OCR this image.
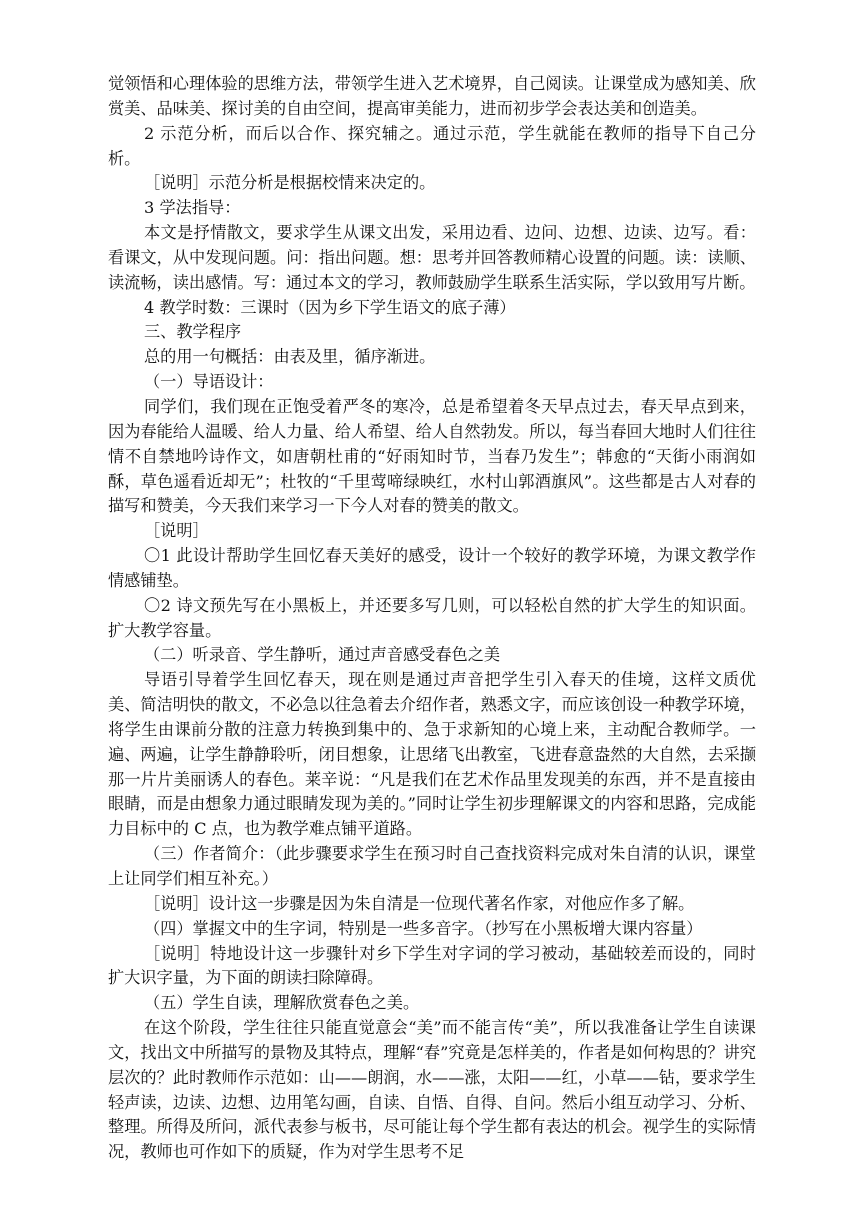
觉领悟和心理体验的思维方法，带领学生进入艺术境界，自己阅读。让课堂成为感知美、欣赏美、品味美、探讨美的自由空间，提高审美能力，进而初步学会表达美和创造美。

2 示范分析，而后以合作、探究辅之。通过示范，学生就能在教师的指导下自己分析。

［说明］示范分析是根据校情来决定的。

3 学法指导：

本文是抒情散文，要求学生从课文出发，采用边看、边问、边想、边读、边写。看：看课文，从中发现问题。问：指出问题。想：思考并回答教师精心设置的问题。读：读顺、读流畅，读出感情。写：通过本文的学习，教师鼓励学生联系生活实际，学以致用写片断。

4 教学时数：三课时（因为乡下学生语文的底子薄）

三、教学程序

总的用一句概括：由表及里，循序渐进。

（一）导语设计：

同学们，我们现在正饱受着严冬的寒冷，总是希望着冬天早点过去，春天早点到来，因为春能给人温暖、给人力量、给人希望、给人自然勃发。所以，每当春回大地时人们往往情不自禁地吟诗作文，如唐朝杜甫的“好雨知时节，当春乃发生”；韩愈的“天街小雨润如酥，草色遥看近却无”；杜牧的“千里莺啼绿映红，水村山郭酒旗风”。这些都是古人对春的描写和赞美，今天我们来学习一下今人对春的赞美的散文。

［说明］

〇1 此设计帮助学生回忆春天美好的感受，设计一个较好的教学环境，为课文教学作情感铺垫。

〇2 诗文预先写在小黑板上，并还要多写几则，可以轻松自然的扩大学生的知识面。扩大教学容量。

（二）听录音、学生静听，通过声音感受春色之美

导语引导着学生回忆春天，现在则是通过声音把学生引入春天的佳境，这样文质优美、简洁明快的散文，不必急以往急着去介绍作者，熟悉文字，而应该创设一种教学环境，将学生由课前分散的注意力转换到集中的、急于求新知的心境上来，主动配合教师学。一遍、两遍，让学生静静聆听，闭目想象，让思绪飞出教室，飞进春意盎然的大自然，去采撷那一片片美丽诱人的春色。莱辛说：“凡是我们在艺术作品里发现美的东西，并不是直接由眼睛，而是由想象力通过眼睛发现为美的。”同时让学生初步理解课文的内容和思路，完成能力目标中的 C 点，也为教学难点铺平道路。

（三）作者简介：（此步骤要求学生在预习时自己查找资料完成对朱自清的认识，课堂上让同学们相互补充。）

［说明］设计这一步骤是因为朱自清是一位现代著名作家，对他应作多了解。

（四）掌握文中的生字词，特别是一些多音字。（抄写在小黑板增大课内容量）

［说明］特地设计这一步骤针对乡下学生对字词的学习被动，基础较差而设的，同时扩大识字量，为下面的朗读扫除障碍。

（五）学生自读，理解欣赏春色之美。

在这个阶段，学生往往只能直觉意会“美”而不能言传“美”，所以我准备让学生自读课文，找出文中所描写的景物及其特点，理解“春”究竟是怎样美的，作者是如何构思的？讲究层次的？此时教师作示范如：山——朗润，水——涨，太阳——红，小草——钻，要求学生轻声读，边读、边想、边用笔勾画，自读、自悟、自得、自问。然后小组互动学习、分析、整理。所得及所问，派代表参与板书，尽可能让每个学生都有表达的机会。视学生的实际情况，教师也可作如下的质疑，作为对学生思考不足
